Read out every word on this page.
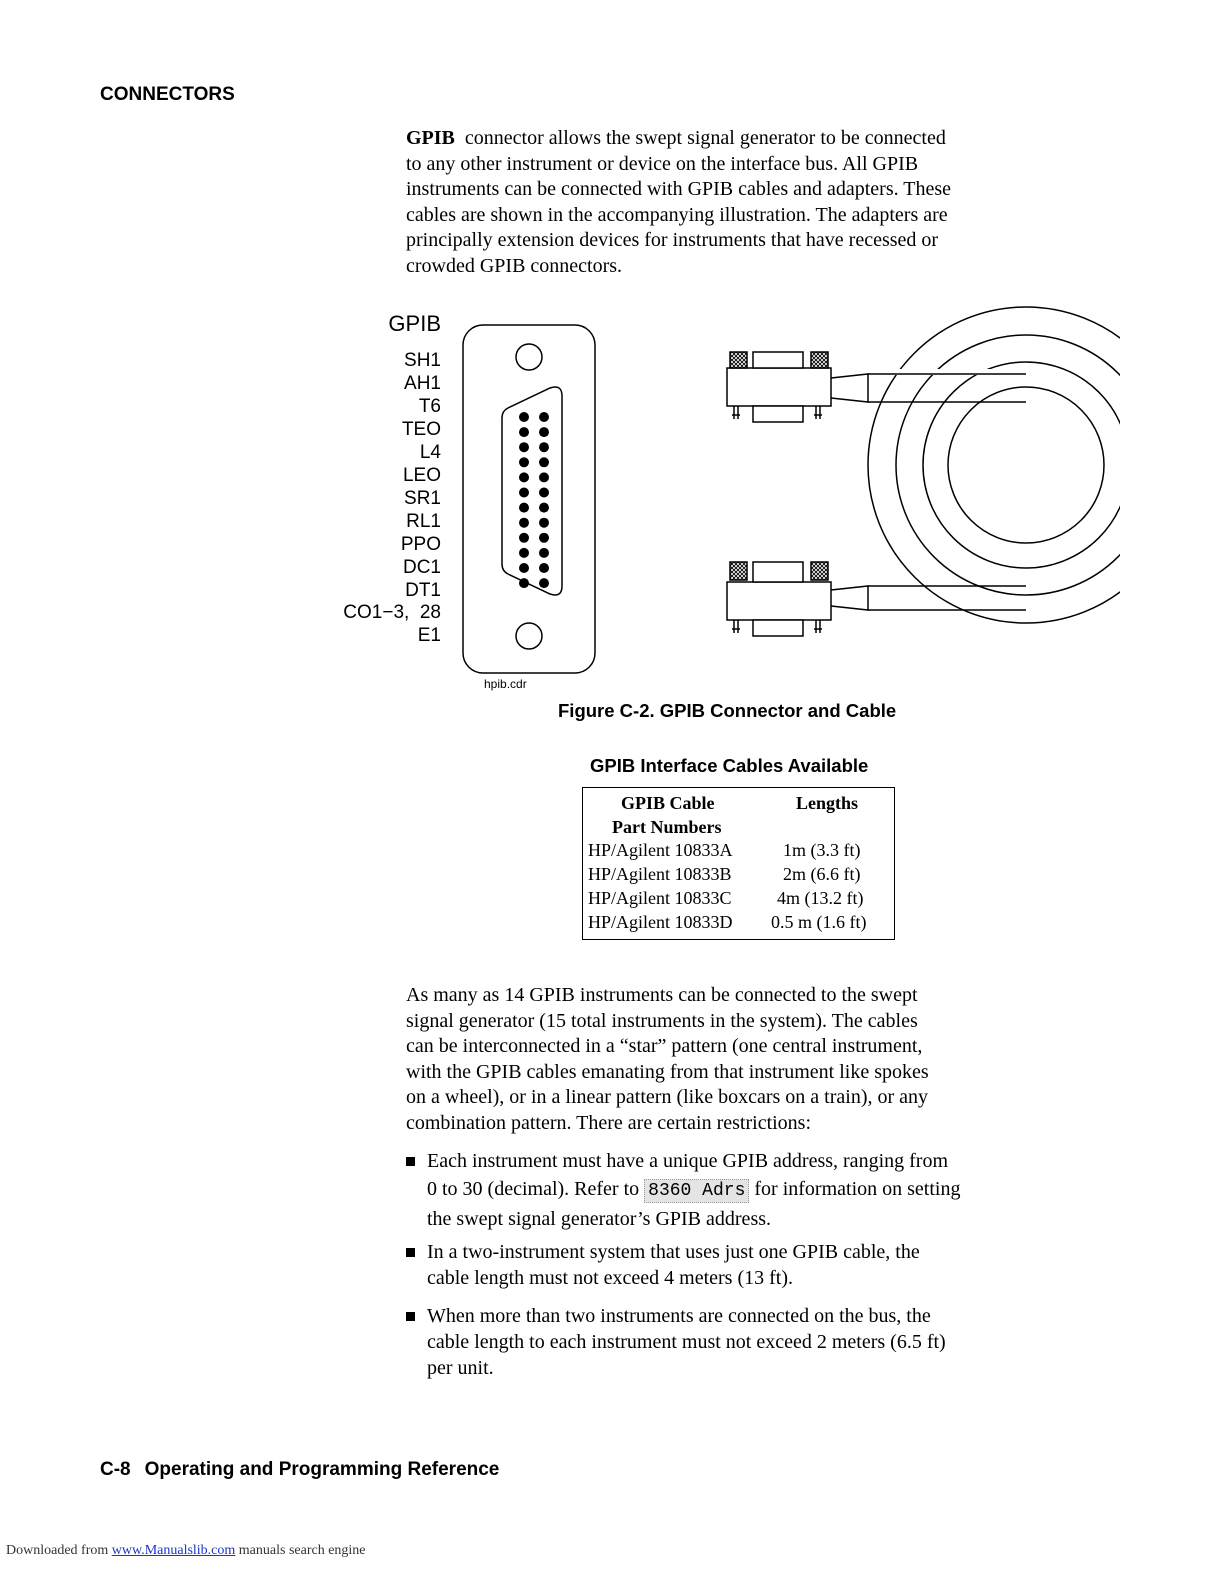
CONNECTORS
GPIB connector allows the swept signal generator to be connected
to any other instrument or device on the interface bus. All GPIB
instruments can be connected with GPIB cables and adapters. These
cables are shown in the accompanying illustration. The adapters are
principally extension devices for instruments that have recessed or
crowded GPIB connectors.
GPIB
SH1
AH1
T6
TEO
L4
LEO
SR1
RL1
PPO
DC1
DT1
CO1−3,  28
E1
hpib.cdr
Figure C-2. GPIB Connector and Cable
GPIB Interface Cables Available
GPIB Cable
Part Numbers
Lengths
HP/Agilent 10833A	1m (3.3 ft)
HP/Agilent 10833B	2m (6.6 ft)
HP/Agilent 10833C	4m (13.2 ft)
HP/Agilent 10833D 0.5 m (1.6 ft)
As many as 14 GPIB instruments can be connected to the swept
signal generator (15 total instruments in the system). The cables
can be interconnected in a “star” pattern (one central instrument,
with the GPIB cables emanating from that instrument like spokes
on a wheel), or in a linear pattern (like boxcars on a train), or any
combination pattern. There are certain restrictions:
Each instrument must have a unique GPIB address, ranging from
0 to 30 (decimal). Refer to 8360 Adrs for information on setting
the swept signal generator’s GPIB address.
In a two-instrument system that uses just one GPIB cable, the
cable length must not exceed 4 meters (13 ft).
When more than two instruments are connected on the bus, the
cable length to each instrument must not exceed 2 meters (6.5 ft)
per unit.
C-8 Operating and Programming Reference
Downloaded from www.Manualslib.com manuals search engine
